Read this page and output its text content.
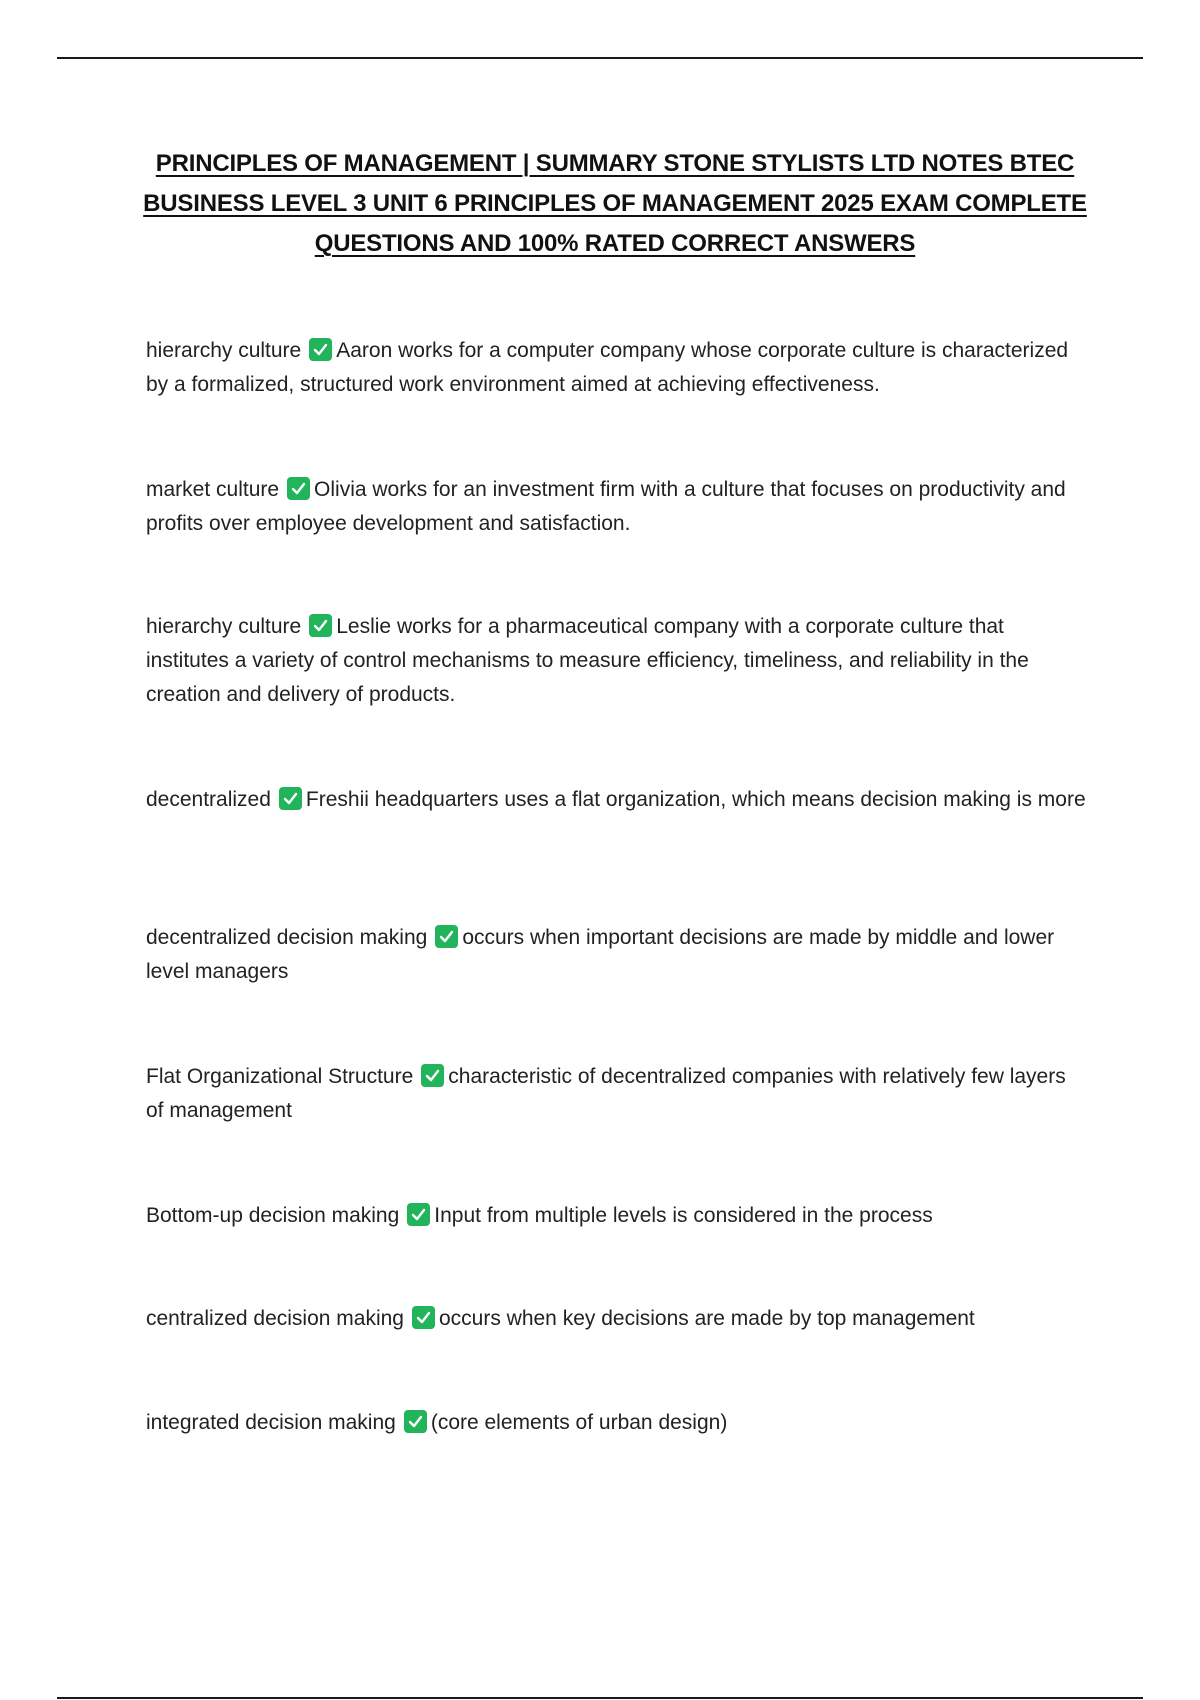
PRINCIPLES OF MANAGEMENT | SUMMARY STONE STYLISTS LTD NOTES BTEC BUSINESS LEVEL 3 UNIT 6 PRINCIPLES OF MANAGEMENT 2025 EXAM COMPLETE QUESTIONS AND 100% RATED CORRECT ANSWERS
hierarchy culture Aaron works for a computer company whose corporate culture is characterized by a formalized, structured work environment aimed at achieving effectiveness.
market culture Olivia works for an investment firm with a culture that focuses on productivity and profits over employee development and satisfaction.
hierarchy culture Leslie works for a pharmaceutical company with a corporate culture that institutes a variety of control mechanisms to measure efficiency, timeliness, and reliability in the creation and delivery of products.
decentralized Freshii headquarters uses a flat organization, which means decision making is more
decentralized decision making occurs when important decisions are made by middle and lower level managers
Flat Organizational Structure characteristic of decentralized companies with relatively few layers of management
Bottom-up decision making Input from multiple levels is considered in the process
centralized decision making occurs when key decisions are made by top management
integrated decision making (core elements of urban design)
